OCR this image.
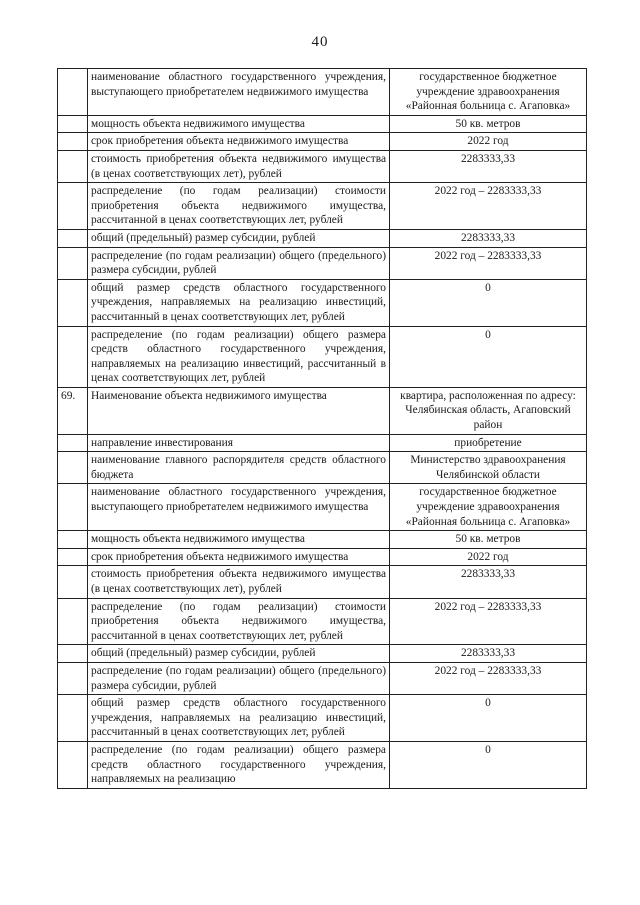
40
	наименование областного государственного учреждения, выступающего приобретателем недвижимого имущества	государственное бюджетное учреждение здравоохранения «Районная больница с. Агаповка»
	мощность объекта недвижимого имущества	50 кв. метров
	срок приобретения объекта недвижимого имущества	2022 год
	стоимость приобретения объекта недвижимого имущества (в ценах соответствующих лет), рублей	2283333,33
	распределение (по годам реализации) стоимости приобретения объекта недвижимого имущества, рассчитанной в ценах соответствующих лет, рублей	2022 год – 2283333,33
	общий (предельный) размер субсидии, рублей	2283333,33
	распределение (по годам реализации) общего (предельного) размера субсидии, рублей	2022 год – 2283333,33
	общий размер средств областного государственного учреждения, направляемых на реализацию инвестиций, рассчитанный в ценах соответствующих лет, рублей	0
	распределение (по годам реализации) общего размера средств областного государственного учреждения, направляемых на реализацию инвестиций, рассчитанный в ценах соответствующих лет, рублей	0
69.	Наименование объекта недвижимого имущества	квартира, расположенная по адресу: Челябинская область, Агаповский район
	направление инвестирования	приобретение
	наименование главного распорядителя средств областного бюджета	Министерство здравоохранения Челябинской области
	наименование областного государственного учреждения, выступающего приобретателем недвижимого имущества	государственное бюджетное учреждение здравоохранения «Районная больница с. Агаповка»
	мощность объекта недвижимого имущества	50 кв. метров
	срок приобретения объекта недвижимого имущества	2022 год
	стоимость приобретения объекта недвижимого имущества (в ценах соответствующих лет), рублей	2283333,33
	распределение (по годам реализации) стоимости приобретения объекта недвижимого имущества, рассчитанной в ценах соответствующих лет, рублей	2022 год – 2283333,33
	общий (предельный) размер субсидии, рублей	2283333,33
	распределение (по годам реализации) общего (предельного) размера субсидии, рублей	2022 год – 2283333,33
	общий размер средств областного государственного учреждения, направляемых на реализацию инвестиций, рассчитанный в ценах соответствующих лет, рублей	0
	распределение (по годам реализации) общего размера средств областного государственного учреждения, направляемых на реализацию	0
